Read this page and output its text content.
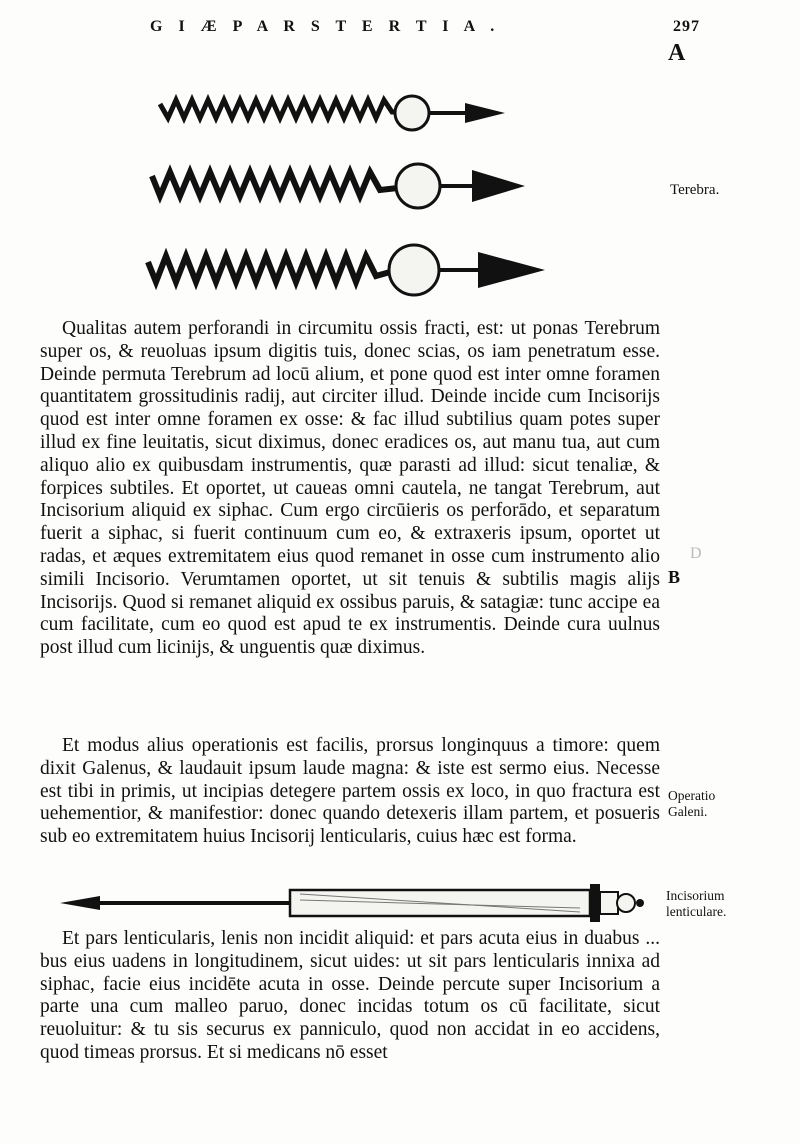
G I Æ P A R S T E R T I A .	297
A
Terebra.

Qualitas autem perforandi in circumitu ossis fracti, est: ut ponas Terebrum super os, & reuoluas ipsum digitis tuis, donec scias, os iam penetratum esse. Deinde permuta Terebrum ad locū alium, et pone quod est inter omne foramen quantitatem grossitudinis radij, aut circiter illud. Deinde incide cum Incisorijs quod est inter omne foramen ex osse: & fac illud subtilius quam potes super illud ex fine leuitatis, sicut diximus, donec eradices os, aut manu tua, aut cum aliquo alio ex quibusdam instrumentis, quæ parasti ad illud: sicut tenaliæ, & forpices subtiles. Et oportet, ut caueas omni cautela, ne tangat Terebrum, aut Incisorium aliquid ex siphac. Cum ergo circūieris os perforādo, et separatum fuerit a siphac, si fuerit continuum cum eo, & extraxeris ipsum, oportet ut radas, et æques extremitatem eius quod remanet in osse cum instrumento alio simili Incisorio. Verumtamen oportet, ut sit tenuis & subtilis magis alijs Incisorijs. Quod si remanet aliquid ex ossibus paruis, & satagiæ: tunc accipe ea cum facilitate, cum eo quod est apud te ex instrumentis. Deinde cura uulnus post illud cum licinijs, & unguentis quæ diximus.

D
B

Et modus alius operationis est facilis, prorsus longinquus a timore: quem dixit Galenus, & laudauit ipsum laude magna: & iste est sermo eius. Necesse est tibi in primis, ut incipias detegere partem ossis ex loco, in quo fractura est uehementior, & manifestior: donec quando detexeris illam partem, et posueris sub eo extremitatem huius Incisorij lenticularis, cuius hæc est forma.

Operatio
Galeni.
Incisorium
lenticulare.

Et pars lenticularis, lenis non incidit aliquid: et pars acuta eius in duabus ... bus eius uadens in longitudinem, sicut uides: ut sit pars lenticularis innixa ad siphac, facie eius incidēte acuta in osse. Deinde percute super Incisorium a parte una cum malleo paruo, donec incidas totum os cū facilitate, sicut reuoluitur: & tu sis securus ex panniculo, quod non accidat in eo accidens, quod timeas prorsus. Et si medicans nō esset
